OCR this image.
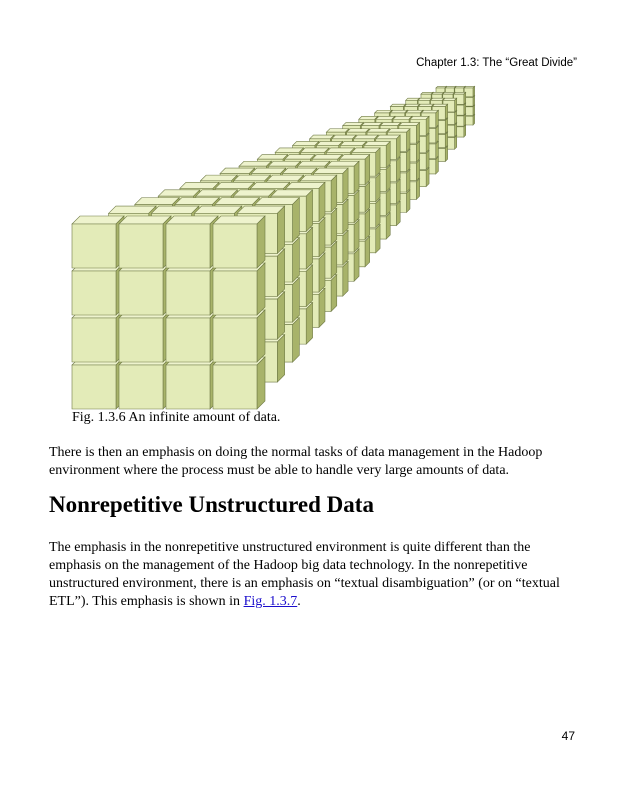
Chapter 1.3: The “Great Divide”
Fig. 1.3.6 An infinite amount of data.

There is then an emphasis on doing the normal tasks of data management in the Hadoop environment where the process must be able to handle very large amounts of data.

Nonrepetitive Unstructured Data

The emphasis in the nonrepetitive unstructured environment is quite different than the emphasis on the management of the Hadoop big data technology. In the nonrepetitive unstructured environment, there is an emphasis on “textual disambiguation” (or on “textual ETL”). This emphasis is shown in Fig. 1.3.7.

47
